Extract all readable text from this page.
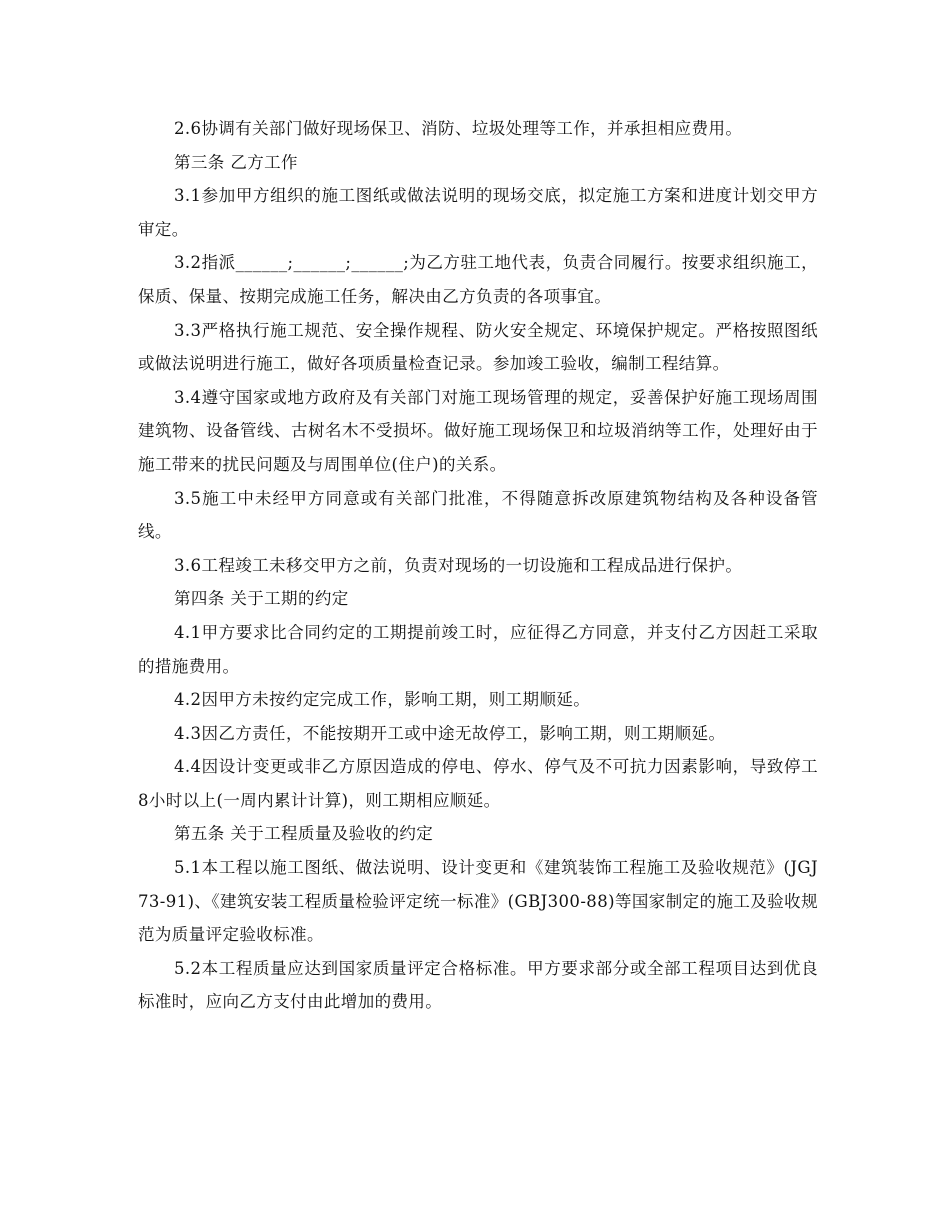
2.6协调有关部门做好现场保卫、消防、垃圾处理等工作，并承担相应费用。

第三条 乙方工作

3.1参加甲方组织的施工图纸或做法说明的现场交底，拟定施工方案和进度计划交甲方审定。

3.2指派______;______;______;为乙方驻工地代表，负责合同履行。按要求组织施工，保质、保量、按期完成施工任务，解决由乙方负责的各项事宜。

3.3严格执行施工规范、安全操作规程、防火安全规定、环境保护规定。严格按照图纸或做法说明进行施工，做好各项质量检查记录。参加竣工验收，编制工程结算。

3.4遵守国家或地方政府及有关部门对施工现场管理的规定，妥善保护好施工现场周围建筑物、设备管线、古树名木不受损坏。做好施工现场保卫和垃圾消纳等工作，处理好由于施工带来的扰民问题及与周围单位(住户)的关系。

3.5施工中未经甲方同意或有关部门批准，不得随意拆改原建筑物结构及各种设备管线。

3.6工程竣工未移交甲方之前，负责对现场的一切设施和工程成品进行保护。

第四条 关于工期的约定

4.1甲方要求比合同约定的工期提前竣工时，应征得乙方同意，并支付乙方因赶工采取的措施费用。

4.2因甲方未按约定完成工作，影响工期，则工期顺延。

4.3因乙方责任，不能按期开工或中途无故停工，影响工期，则工期顺延。

4.4因设计变更或非乙方原因造成的停电、停水、停气及不可抗力因素影响，导致停工8小时以上(一周内累计计算)，则工期相应顺延。

第五条 关于工程质量及验收的约定

5.1本工程以施工图纸、做法说明、设计变更和《建筑装饰工程施工及验收规范》(JGJ73-91)、《建筑安装工程质量检验评定统一标准》(GBJ300-88)等国家制定的施工及验收规范为质量评定验收标准。

5.2本工程质量应达到国家质量评定合格标准。甲方要求部分或全部工程项目达到优良标准时，应向乙方支付由此增加的费用。
